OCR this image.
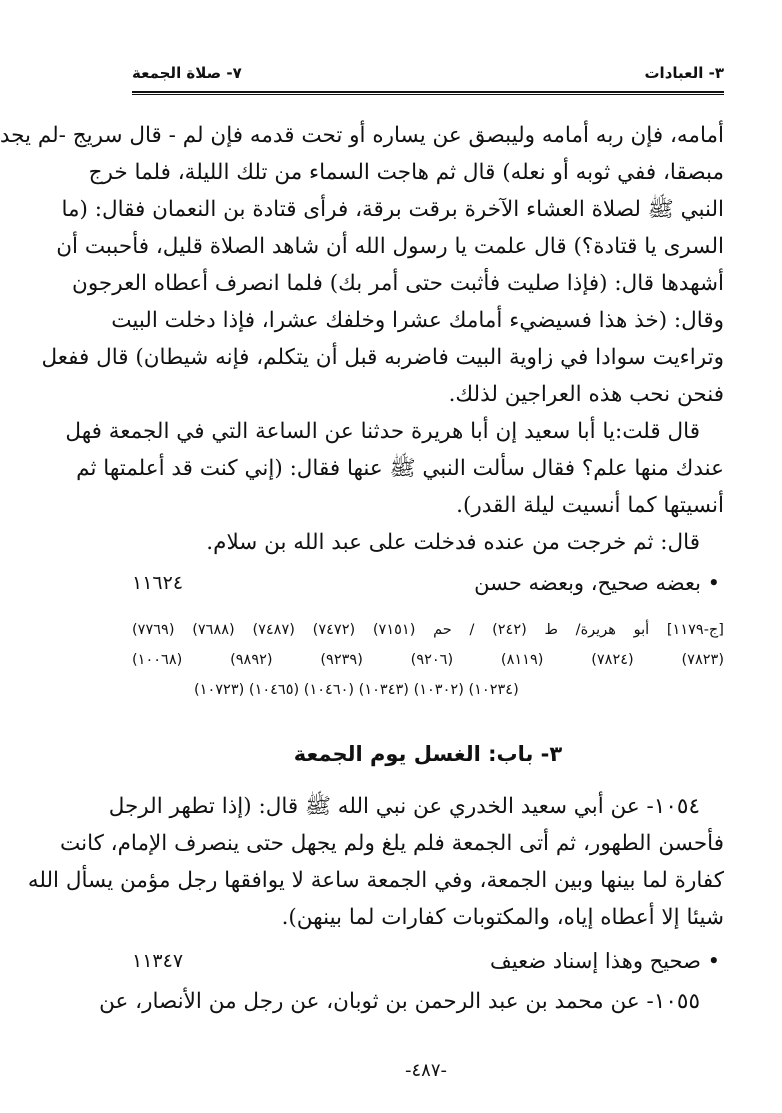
٣- العبادات
٧- صلاة الجمعة
أمامه، فإن ربه أمامه وليبصق عن يساره أو تحت قدمه فإن لم - قال سريج -لم يجد
مبصقا، ففي ثوبه أو نعله) قال ثم هاجت السماء من تلك الليلة، فلما خرج
النبي ﷺ لصلاة العشاء الآخرة برقت برقة، فرأى قتادة بن النعمان فقال: (ما
السرى يا قتادة؟) قال علمت يا رسول الله أن شاهد الصلاة قليل، فأحببت أن
أشهدها قال: (فإذا صليت فأثبت حتى أمر بك) فلما انصرف أعطاه العرجون
وقال: (خذ هذا فسيضيء أمامك عشرا وخلفك عشرا، فإذا دخلت البيت
وتراءيت سوادا في زاوية البيت فاضربه قبل أن يتكلم، فإنه شيطان) قال ففعل
فنحن نحب هذه العراجين لذلك.
قال قلت:يا أبا سعيد إن أبا هريرة حدثنا عن الساعة التي في الجمعة فهل
عندك منها علم؟ فقال سألت النبي ﷺ عنها فقال: (إني كنت قد أعلمتها ثم
أنسيتها كما أنسيت ليلة القدر).
قال: ثم خرجت من عنده فدخلت على عبد الله بن سلام.
• بعضه صحيح، وبعضه حسن
١١٦٢٤
[ج-١١٧٩] أبو هريرة/ ط (٢٤٢) / حم (٧١٥١) (٧٤٧٢) (٧٤٨٧) (٧٦٨٨) (٧٧٦٩)
(٧٨٢٣) (٧٨٢٤) (٨١١٩) (٩٢٠٦) (٩٢٣٩) (٩٨٩٢) (١٠٠٦٨)
(١٠٢٣٤) (١٠٣٠٢) (١٠٣٤٣) (١٠٤٦٠) (١٠٤٦٥) (١٠٧٢٣)
٣- باب: الغسل يوم الجمعة
١٠٥٤- عن أبي سعيد الخدري عن نبي الله ﷺ قال: (إذا تطهر الرجل
فأحسن الطهور، ثم أتى الجمعة فلم يلغ ولم يجهل حتى ينصرف الإمام، كانت
كفارة لما بينها وبين الجمعة، وفي الجمعة ساعة لا يوافقها رجل مؤمن يسأل الله
شيئا إلا أعطاه إياه، والمكتوبات كفارات لما بينهن).
• صحيح وهذا إسناد ضعيف
١١٣٤٧
١٠٥٥- عن محمد بن عبد الرحمن بن ثوبان، عن رجل من الأنصار، عن
-٤٨٧-
